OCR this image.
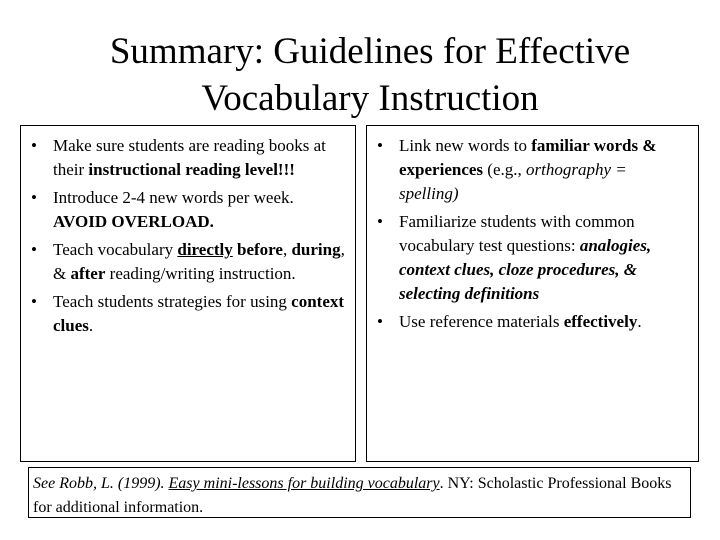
Summary: Guidelines for Effective
Vocabulary Instruction
• Make sure students are reading books at their instructional reading level!!!
• Introduce 2-4 new words per week. AVOID OVERLOAD.
• Teach vocabulary directly before, during, & after reading/writing instruction.
• Teach students strategies for using context clues.
• Link new words to familiar words & experiences (e.g., orthography = spelling)
• Familiarize students with common vocabulary test questions: analogies, context clues, cloze procedures, & selecting definitions
• Use reference materials effectively.
See Robb, L. (1999). Easy mini-lessons for building vocabulary. NY: Scholastic Professional Books for additional information.
